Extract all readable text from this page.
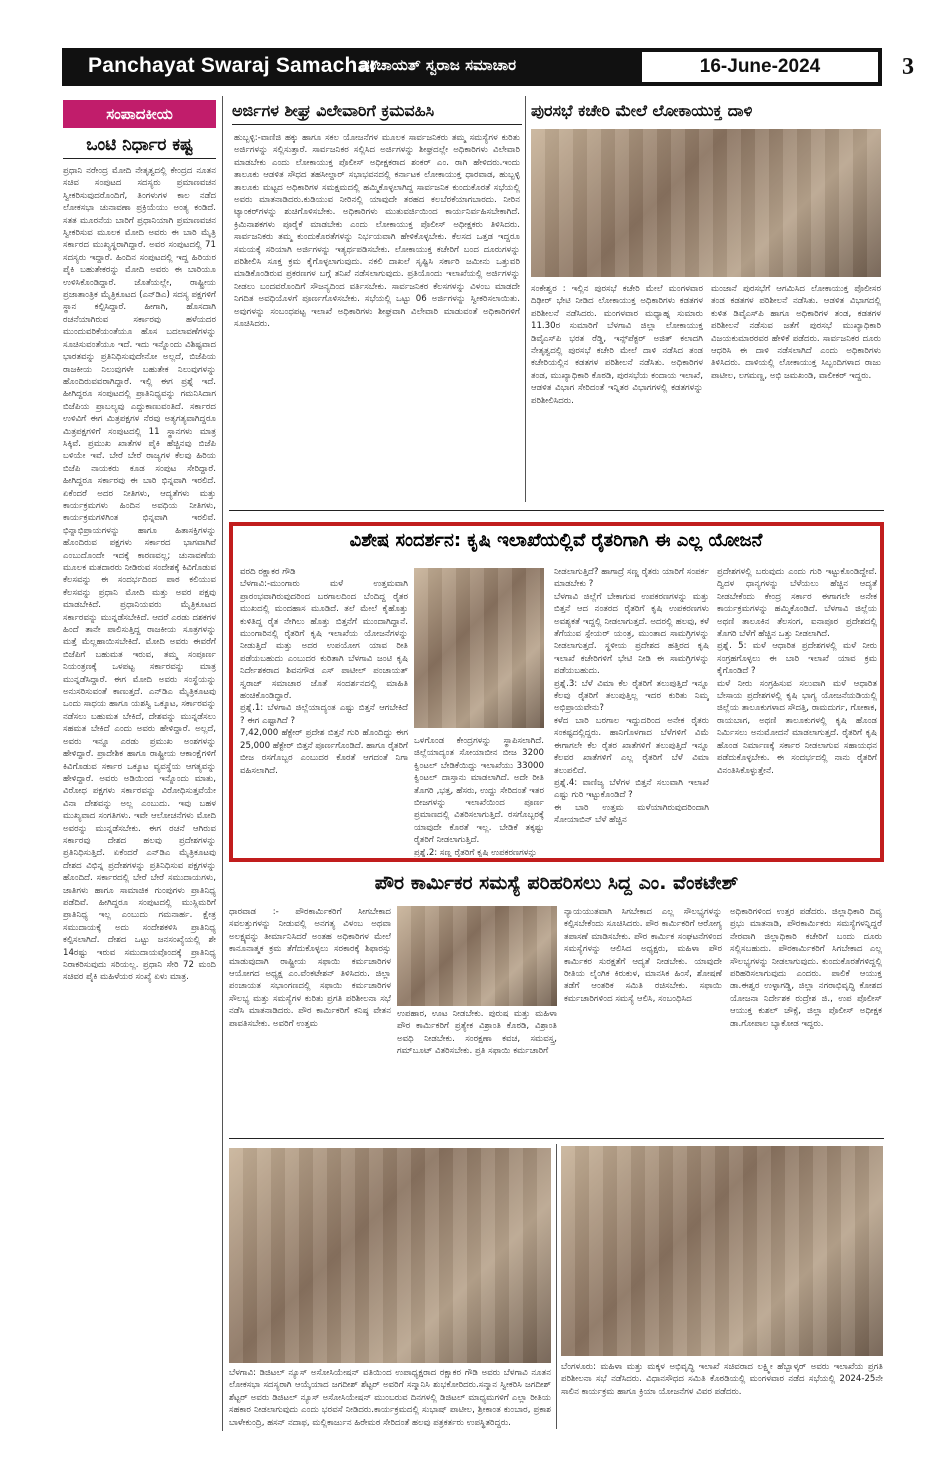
Panchayat Swaraj Samachar
ಪಂಚಾಯತ್ ಸ್ವರಾಜ ಸಮಾಚಾರ	16-June-2024	3
ಸಂಪಾದಕೀಯ
ಒಂಟಿ ನಿರ್ಧಾರ ಕಷ್ಟ
ಪ್ರಧಾನಿ ನರೇಂದ್ರ ಮೋದಿ ನೇತೃತ್ವದಲ್ಲಿ ಕೇಂದ್ರದ ನೂತನ ಸಚಿವ ಸಂಪುಟದ ಸದಸ್ಯರು ಪ್ರಮಾಣವಚನ ಸ್ವೀಕರಿಸುವುದರೊಂದಿಗೆ, ತಿಂಗಳುಗಳ ಕಾಲ ನಡೆದ ಲೋಕಸಭಾ ಚುನಾವಣಾ ಪ್ರಕ್ರಿಯೆಯು ಅಂತ್ಯ ಕಂಡಿದೆ. ಸತತ ಮೂರನೆಯ ಬಾರಿಗೆ ಪ್ರಧಾನಿಯಾಗಿ ಪ್ರಮಾಣವಚನ ಸ್ವೀಕರಿಸುವ ಮೂಲಕ ಮೋದಿ ಅವರು ಈ ಬಾರಿ ಮೈತ್ರಿ ಸರ್ಕಾರದ ಮುಖ್ಯಸ್ಥರಾಗಿದ್ದಾರೆ. ಅವರ ಸಂಪುಟದಲ್ಲಿ 71 ಸದಸ್ಯರು ಇದ್ದಾರೆ. ಹಿಂದಿನ ಸಂಪುಟದಲ್ಲಿ ಇದ್ದ ಹಿರಿಯರ ಪೈಕಿ ಬಹುತೇಕರನ್ನು ಮೋದಿ ಅವರು ಈ ಬಾರಿಯೂ ಉಳಿಸಿಕೊಂಡಿದ್ದಾರೆ. ಜೊತೆಯಲ್ಲೇ, ರಾಷ್ಟ್ರೀಯ ಪ್ರಜಾತಾಂತ್ರಿಕ ಮೈತ್ರಿಕೂಟದ (ಎನ್‌ಡಿಎ) ಸದಸ್ಯ ಪಕ್ಷಗಳಿಗೆ ಸ್ಥಾನ ಕಲ್ಪಿಸಿದ್ದಾರೆ. ಹೀಗಾಗಿ, ಹೊಸದಾಗಿ ರಚನೆಯಾಗಿರುವ ಸರ್ಕಾರವು ಹಳೆಯದರ ಮುಂದುವರಿಕೆಯಂತೆಯೂ ಹೊಸ ಬದಲಾವಣೆಗಳನ್ನು ಸೂಚಿಸುವಂತೆಯೂ ಇದೆ. ಇದು ಇನ್ನೊಂದು ವಿಶಿಷ್ಟವಾದ ಭಾರತವನ್ನು ಪ್ರತಿನಿಧಿಸುವುದೇನೋ ಅಲ್ಲದೆ, ಬಿಜೆಪಿಯ ರಾಜಕೀಯ ನಿಲುವುಗಳೇ ಬಹುತೇಕ ನಿಲುವುಗಳನ್ನು ಹೊಂದಿರುವವರಾಗಿದ್ದಾರೆ. ಇಲ್ಲಿ ಈಗ ಪ್ರಶ್ನೆ ಇದೆ. ಹೀಗಿದ್ದರೂ ಸಂಪುಟದಲ್ಲಿ ಪ್ರಾತಿನಿಧ್ಯವನ್ನು ಗಮನಿಸಿದಾಗ ಬಿಜೆಪಿಯ ಪ್ರಾಬಲ್ಯವು ಎದ್ದುಕಾಣುವಂತಿದೆ. ಸರ್ಕಾರದ ಉಳಿವಿಗೆ ಈಗ ಮಿತ್ರಪಕ್ಷಗಳ ನೆರವು ಅತ್ಯಗತ್ಯವಾಗಿದ್ದರೂ ಮಿತ್ರಪಕ್ಷಗಳಿಗೆ ಸಂಪುಟದಲ್ಲಿ 11 ಸ್ಥಾನಗಳು ಮಾತ್ರ ಸಿಕ್ಕಿವೆ. ಪ್ರಮುಖ ಖಾತೆಗಳ ಪೈಕಿ ಹೆಚ್ಚಿನವು ಬಿಜೆಪಿ ಬಳಿಯೇ ಇವೆ. ಬೇರೆ ಬೇರೆ ರಾಜ್ಯಗಳ ಕೆಲವು ಹಿರಿಯ ಬಿಜೆಪಿ ನಾಯಕರು ಕೂಡ ಸಂಪುಟ ಸೇರಿದ್ದಾರೆ. ಹೀಗಿದ್ದರೂ ಸರ್ಕಾರವು ಈ ಬಾರಿ ಭಿನ್ನವಾಗಿ ಇರಲಿದೆ. ಏಕೆಂದರೆ ಅದರ ನೀತಿಗಳು, ಆದ್ಯತೆಗಳು ಮತ್ತು ಕಾರ್ಯಕ್ರಮಗಳು ಹಿಂದಿನ ಅವಧಿಯ ನೀತಿಗಳು, ಕಾರ್ಯಕ್ರಮಗಳಿಗಿಂತ ಭಿನ್ನವಾಗಿ ಇರಲಿವೆ. ಭಿನ್ನಾಭಿಪ್ರಾಯಗಳನ್ನು ಹಾಗೂ ಹಿತಾಸಕ್ತಿಗಳನ್ನು ಹೊಂದಿರುವ ಪಕ್ಷಗಳು ಸರ್ಕಾರದ ಭಾಗವಾಗಿವೆ ಎಂಬುದೊಂದೇ ಇದಕ್ಕೆ ಕಾರಣವಲ್ಲ; ಚುನಾವಣೆಯ ಮೂಲಕ ಮತದಾರರು ನೀಡಿರುವ ಸಂದೇಶಕ್ಕೆ ಕಿವಿಗೊಡುವ ಕೆಲಸವನ್ನು ಈ ಸಂದರ್ಭದಿಂದ ಪಾಠ ಕಲಿಯುವ ಕೆಲಸವನ್ನು ಪ್ರಧಾನಿ ಮೋದಿ ಮತ್ತು ಅವರ ಪಕ್ಷವು ಮಾಡಬೇಕಿದೆ. ಪ್ರಧಾನಿಯವರು ಮೈತ್ರಿಕೂಟದ ಸರ್ಕಾರವನ್ನು ಮುನ್ನಡೆಸಬೇಕಿದೆ. ಆದರೆ ಎರಡು ದಶಕಗಳ ಹಿಂದೆ ತಾನೇ ಪಾಲಿಸುತ್ತಿದ್ದ ರಾಜಕೀಯ ಸೂತ್ರಗಳನ್ನು ಮತ್ತೆ ಮೆಲ್ಲಹಾಯಿಸಬೇಕಿದೆ. ಮೋದಿ ಅವರು ಈವರೆಗೆ ಬಿಜೆಪಿಗೆ ಬಹುಮತ ಇರುವ, ತಮ್ಮ ಸಂಪೂರ್ಣ ನಿಯಂತ್ರಣಕ್ಕೆ ಒಳಪಟ್ಟ ಸರ್ಕಾರವನ್ನು ಮಾತ್ರ ಮುನ್ನಡೆಸಿದ್ದಾರೆ. ಈಗ ಮೋದಿ ಅವರು ಸಂಸ್ಥೆಯನ್ನು ಅನುಸರಿಸುವಂತೆ ಕಾಣುತ್ತದೆ. ಎನ್‌ಡಿಎ ಮೈತ್ರಿಕೂಟವು ಒಂದು ಸಾಧಯ ಹಾಗೂ ಯಶಸ್ವಿ ಒಕ್ಕೂಟ, ಸರ್ಕಾರವನ್ನು ನಡೆಸಲು ಬಹುಮತ ಬೇಕಿದೆ, ದೇಶವನ್ನು ಮುನ್ನಡೆಸಲು ಸಹಮತ ಬೇಕಿದೆ ಎಂದು ಅವರು ಹೇಳಿದ್ದಾರೆ. ಅಲ್ಲದೆ, ಅವರು ಇನ್ನೂ ಎರಡು ಪ್ರಮುಖ ಅಂಶಗಳನ್ನು ಹೇಳಿದ್ದಾರೆ. ಪ್ರಾದೇಶಿಕ ಹಾಗೂ ರಾಷ್ಟ್ರೀಯ ಆಕಾಂಕ್ಷೆಗಳಿಗೆ ಕಿವಿಗೊಡುವ ಸರ್ಕಾರ ಒಕ್ಕೂಟ ವ್ಯವಸ್ಥೆಯ ಆಗತ್ಯವನ್ನು ಹೇಳಿದ್ದಾರೆ. ಅವರು ಅಡಿಯಿಂದ ಇನ್ನೊಂದು ಮಾತು, ವಿರೋಧ ಪಕ್ಷಗಳು ಸರ್ಕಾರವನ್ನು ವಿರೋಧಿಸುತ್ತವೆಯೇ ವಿನಾ ದೇಶವನ್ನು ಅಲ್ಲ ಎಂಬುದು. ಇವು ಬಹಳ ಮುಖ್ಯವಾದ ಸಂಗತಿಗಳು. ಇವೇ ಆಲೋಚನೆಗಳು ಮೋದಿ ಅವರನ್ನು ಮುನ್ನಡೆಸಬೇಕು. ಈಗ ರಚನೆ ಆಗಿರುವ ಸರ್ಕಾರವು ದೇಶದ ಹಲವು ಪ್ರದೇಶಗಳನ್ನು ಪ್ರತಿನಿಧಿಸುತ್ತಿದೆ. ಏಕೆಂದರೆ ಎನ್‌ಡಿಎ ಮೈತ್ರಿಕೂಟವು ದೇಶದ ವಿಭಿನ್ನ ಪ್ರದೇಶಗಳನ್ನು ಪ್ರತಿನಿಧಿಸುವ ಪಕ್ಷಗಳನ್ನು ಹೊಂದಿದೆ. ಸರ್ಕಾರದಲ್ಲಿ ಬೇರೆ ಬೇರೆ ಸಮುದಾಯಗಳು, ಜಾತಿಗಳು ಹಾಗೂ ಸಾಮಾಜಿಕ ಗುಂಪುಗಳು ಪ್ರಾತಿನಿಧ್ಯ ಪಡೆದಿವೆ. ಹೀಗಿದ್ದರೂ ಸಂಪುಟದಲ್ಲಿ ಮುಸ್ಲಿಮರಿಗೆ ಪ್ರಾತಿನಿಧ್ಯ ಇಲ್ಲ ಎಂಬುದು ಗಮನಾರ್ಹ. ಕ್ಷೇತ್ರ ಸಮುದಾಯಕ್ಕೆ ಅದು ಸಂದೇಶಕಳಿಸಿ ಪ್ರಾತಿನಿಧ್ಯ ಕಲ್ಪಿಸಲಾಗಿದೆ. ದೇಶದ ಒಟ್ಟು ಜನಸಂಖ್ಯೆಯಲ್ಲಿ ಶೇ 14ರಷ್ಟು ಇರುವ ಸಮುದಾಯವೊಂದಕ್ಕೆ ಪ್ರಾತಿನಿಧ್ಯ ನಿರಾಕರಿಸುವುದು ಸರಿಯಲ್ಲ. ಪ್ರಧಾನಿ ಸೇರಿ 72 ಮಂದಿ ಸಚಿವರ ಪೈಕಿ ಮಹಿಳೆಯರ ಸಂಖ್ಯೆ ಏಳು ಮಾತ್ರ.
ಅರ್ಜಿಗಳ ಶೀಘ್ರ ವಿಲೇವಾರಿಗೆ ಕ್ರಮವಹಿಸಿ
ಹುಬ್ಬಳ್ಳಿ:-ವಾಣಿಜಿ ಹಕ್ಕು ಹಾಗೂ ಸಕಲ ಯೋಜನೆಗಳ ಮೂಲಕ ಸಾರ್ವಜನಿಕರು ತಮ್ಮ ಸಮಸ್ಯೆಗಳ ಕುರಿತು ಅರ್ಜಿಗಳನ್ನು ಸಲ್ಲಿಸುತ್ತಾರೆ. ಸಾರ್ವಜನಿಕರ ಸಲ್ಲಿಸಿದ ಅರ್ಜಿಗಳನ್ನು ಶೀಘ್ರದಲ್ಲೇ ಅಧಿಕಾರಿಗಳು ವಿಲೇವಾರಿ ಮಾಡಬೇಕು ಎಂದು ಲೋಕಾಯುಕ್ತ ಪೊಲೀಸ್ ಅಧೀಕ್ಷಕರಾದ ಶಂಕರ್ ಎಂ. ರಾಗಿ ಹೇಳಿದರು.ಇಂದು ತಾಲೂಕು ಆಡಳಿತ ಸೌಧದ ತಹಸೀಲ್ದಾರ್ ಸಭಾಭವನದಲ್ಲಿ ಕರ್ನಾಟಕ ಲೋಕಾಯುಕ್ತ ಧಾರವಾಡ, ಹುಬ್ಬಳ್ಳಿ ತಾಲೂಕು ಮಟ್ಟದ ಅಧಿಕಾರಿಗಳ ಸಮಕ್ಷಮದಲ್ಲಿ ಹಮ್ಮಿಕೊಳ್ಳಲಾಗಿದ್ದ ಸಾರ್ವಜನಿಕ ಕುಂದುಕೊರತೆ ಸಭೆಯಲ್ಲಿ ಅವರು ಮಾತನಾಡಿದರು.ಕುಡಿಯುವ ನೀರಿನಲ್ಲಿ ಯಾವುದೇ ತರಹದ ಕಲಬೆರಕೆಯಾಗಬಾರದು. ನೀರಿನ ಟ್ಯಾಂಕರ್‌ಗಳನ್ನು ಶುಚಿಗೊಳಿಸಬೇಕು. ಅಧಿಕಾರಿಗಳು ಮುತುವರ್ಜಿಯಿಂದ ಕಾರ್ಯನಿರ್ವಹಿಸಬೇಕಾಗಿದೆ. ಕ್ರಿಮಿನಾಶಕಗಳು ಪೂರೈಕೆ ಮಾಡಬೇಕು ಎಂದು ಲೋಕಾಯುಕ್ತ ಪೊಲೀಸ್ ಅಧೀಕ್ಷಕರು ತಿಳಿಸಿದರು. ಸಾರ್ವಜನಿಕರು ತಮ್ಮ ಕುಂದುಕೊರತೆಗಳನ್ನು ನಿರ್ಭಯವಾಗಿ ಹೇಳಿಕೊಳ್ಳಬೇಕು. ಕೆಲಸದ ಒತ್ತಡ ಇದ್ದರೂ ಸಮಯಕ್ಕೆ ಸರಿಯಾಗಿ ಅರ್ಜಿಗಳನ್ನು ಇತ್ಯರ್ಥಪಡಿಸಬೇಕು. ಲೋಕಾಯುಕ್ತ ಕಚೇರಿಗೆ ಬಂದ ದೂರುಗಳನ್ನು ಪರಿಶೀಲಿಸಿ ಸೂಕ್ತ ಕ್ರಮ ಕೈಗೊಳ್ಳಲಾಗುವುದು. ನಕಲಿ ದಾಖಲೆ ಸೃಷ್ಟಿಸಿ ಸರ್ಕಾರಿ ಜಮೀನು ಒತ್ತುವರಿ ಮಾಡಿಕೊಂಡಿರುವ ಪ್ರಕರಣಗಳ ಬಗ್ಗೆ ತನಿಖೆ ನಡೆಸಲಾಗುವುದು. ಪ್ರತಿಯೊಂದು ಇಲಾಖೆಯಲ್ಲಿ ಅರ್ಜಿಗಳನ್ನು ನೀಡಲು ಬಂದವರೊಂದಿಗೆ ಸೌಜನ್ಯದಿಂದ ವರ್ತಿಸಬೇಕು. ಸಾರ್ವಜನಿಕರ ಕೆಲಸಗಳನ್ನು ವಿಳಂಬ ಮಾಡದೇ ನಿಗದಿತ ಅವಧಿಯೊಳಗೆ ಪೂರ್ಣಗೊಳಿಸಬೇಕು. ಸಭೆಯಲ್ಲಿ ಒಟ್ಟು 06 ಅರ್ಜಿಗಳನ್ನು ಸ್ವೀಕರಿಸಲಾಯಿತು. ಅವುಗಳನ್ನು ಸಂಬಂಧಪಟ್ಟ ಇಲಾಖೆ ಅಧಿಕಾರಿಗಳು ಶೀಘ್ರವಾಗಿ ವಿಲೇವಾರಿ ಮಾಡುವಂತೆ ಅಧಿಕಾರಿಗಳಿಗೆ ಸೂಚಿಸಿದರು.
ಪುರಸಭೆ ಕಚೇರಿ ಮೇಲೆ ಲೋಕಾಯುಕ್ತ ದಾಳಿ
ಸಂಕೇಶ್ವರ : ಇಲ್ಲಿನ ಪುರಸಭೆ ಕಚೇರಿ ಮೇಲೆ ಮಂಗಳವಾರ ದಿಢೀರ್ ಭೇಟಿ ನೀಡಿದ ಲೋಕಾಯುಕ್ತ ಅಧಿಕಾರಿಗಳು ಕಡತಗಳ ಪರಿಶೀಲನೆ ನಡೆಸಿದರು. ಮಂಗಳವಾರ ಮಧ್ಯಾಹ್ನ ಸುಮಾರು 11.30ರ ಸುಮಾರಿಗೆ ಬೆಳಗಾವಿ ಜಿಲ್ಲಾ ಲೋಕಾಯುಕ್ತ ಡಿವೈಎಸ್‌ಪಿ ಭರತ ರೆಡ್ಡಿ, ಇನ್ಸ್‌ಪೆಕ್ಟರ್ ಅಜಿತ್ ಕಲಾದಗಿ ನೇತೃತ್ವದಲ್ಲಿ ಪುರಸಭೆ ಕಚೇರಿ ಮೇಲೆ ದಾಳಿ ನಡೆಸಿದ ತಂಡ ಕಚೇರಿಯಲ್ಲಿನ ಕಡತಗಳ ಪರಿಶೀಲನೆ ನಡೆಸಿತು. ಅಧಿಕಾರಿಗಳ ತಂಡ, ಮುಖ್ಯಾಧಿಕಾರಿ ಕೊಠಡಿ, ಪುರಸಭೆಯ ಕಂದಾಯ ಇಲಾಖೆ, ಆಡಳಿತ ವಿಭಾಗ ಸೇರಿದಂತೆ ಇನ್ನಿತರ ವಿಭಾಗಗಳಲ್ಲಿ ಕಡತಗಳನ್ನು ಪರಿಶೀಲಿಸಿದರು.
ಮಂಜಾನೆ ಪುರಸಭೆಗೆ ಆಗಮಿಸಿದ ಲೋಕಾಯುಕ್ತ ಪೊಲೀಸರ ತಂಡ ಕಡತಗಳ ಪರಿಶೀಲನೆ ನಡೆಸಿತು. ಆಡಳಿತ ವಿಭಾಗದಲ್ಲಿ ಕುಳಿತ ಡಿವೈಎಸ್‌ಪಿ ಹಾಗೂ ಅಧಿಕಾರಿಗಳ ತಂಡ, ಕಡತಗಳ ಪರಿಶೀಲನೆ ನಡೆಸುವ ಜತೆಗೆ ಪುರಸಭೆ ಮುಖ್ಯಾಧಿಕಾರಿ ವಿಜಯಕುಮಾರರವರ ಹೇಳಿಕೆ ಪಡೆದರು. ಸಾರ್ವಜನಿಕರ ದೂರು ಆಧರಿಸಿ ಈ ದಾಳಿ ನಡೆಸಲಾಗಿದೆ ಎಂದು ಅಧಿಕಾರಿಗಳು ತಿಳಿಸಿದರು. ದಾಳಿಯಲ್ಲಿ ಲೋಕಾಯುಕ್ತ ಸಿಬ್ಬಂದಿಗಳಾದ ರಾಜು ಪಾಟೀಲ, ಲಗಮಣ್ಣ, ಅಭಿ ಜಮಖಂಡಿ, ವಾಲೀಕರ್ ಇದ್ದರು.
ವಿಶೇಷ ಸಂದರ್ಶನ: ಕೃಷಿ ಇಲಾಖೆಯಲ್ಲಿವೆ ರೈತರಿಗಾಗಿ ಈ ಎಲ್ಲ ಯೋಜನೆ
ವರದಿ ರಕ್ಷಾಕರ ಗೌಡಿ
ಬೆಳಗಾವಿ:-ಮುಂಗಾರು ಮಳೆ ಉತ್ತಮವಾಗಿ ಪ್ರಾರಂಭವಾಗಿರುವುದರಿಂದ ಬರಗಾಲದಿಂದ ಬೆಂದಿದ್ದ ರೈತರ ಮುಖದಲ್ಲಿ ಮಂದಹಾಸ ಮೂಡಿದೆ. ತಲೆ ಮೇಲೆ ಕೈಹೊತ್ತು ಕುಳಿತಿದ್ದ ರೈತ ನೇಗಿಲು ಹೊತ್ತು ಬಿತ್ತನೆಗೆ ಮುಂದಾಗಿದ್ದಾನೆ. ಮುಂಗಾರಿನಲ್ಲಿ ರೈತರಿಗೆ ಕೃಷಿ ಇಲಾಖೆಯ ಯೋಜನೆಗಳನ್ನು ನೀಡುತ್ತಿದೆ ಮತ್ತು ಅದರ ಉಪಯೋಗ ಯಾವ ರೀತಿ ಪಡೆಯಬಹುದು ಎಂಬುದರ ಕುರಿತಾಗಿ ಬೆಳಗಾವಿ ಜಂಟಿ ಕೃಷಿ ನಿರ್ದೇಶಕರಾದ ಶಿವನಗೌಡ ಎಸ್ ಪಾಟೀಲ್ ಪಂಚಾಯತ್ ಸ್ವರಾಜ್ ಸಮಾಚಾರ ಜೊತೆ ಸಂದರ್ಶನದಲ್ಲಿ ಮಾಹಿತಿ ಹಂಚಿಕೊಂಡಿದ್ದಾರೆ.
ಪ್ರಶ್ನೆ.1: ಬೆಳಗಾವಿ ಜಿಲ್ಲೆಯಾದ್ಯಂತ ಎಷ್ಟು ಬಿತ್ತನೆ ಆಗಬೇಕಿದೆ ? ಈಗ ಎಷ್ಟಾಗಿದೆ ?
7,42,000 ಹೆಕ್ಟೇರ್ ಪ್ರದೇಶ ಬಿತ್ತನೆ ಗುರಿ ಹೊಂದಿದ್ದು ಈಗ 25,000 ಹೆಕ್ಟೇರ್ ಬಿತ್ತನೆ ಪೂರ್ಣಗೊಂಡಿದೆ. ಹಾಗೂ ರೈತರಿಗೆ ಬೀಜ ರಸಗೊಬ್ಬರ ಎಂಬುದರ ಕೊರತೆ ಆಗದಂತೆ ನಿಗಾ ವಹಿಸಲಾಗಿದೆ.
ಒಳಗೊಂಡ ಕೇಂದ್ರಗಳನ್ನು ಸ್ಥಾಪಿಸಲಾಗಿದೆ. ಜಿಲ್ಲೆಯಾದ್ಯಂತ ಸೋಯಾಬೀನ ಬೀಜ 3200 ಕ್ವಿಂಟಲ್ ಬೇಡಿಕೆಯಿದ್ದು ಇಲಾಖೆಯು 33000 ಕ್ವಿಂಟಲ್ ದಾಸ್ತಾನು ಮಾಡಲಾಗಿದೆ. ಅದೇ ರೀತಿ ತೊಗರಿ ,ಭತ್ತ, ಹೆಸರು, ಉದ್ದು ಸೇರಿದಂತೆ ಇತರ ಬೀಜಗಳನ್ನು ಇಲಾಖೆಯಿಂದ ಪೂರ್ಣ ಪ್ರಮಾಣದಲ್ಲಿ ವಿತರಿಸಲಾಗುತ್ತಿದೆ. ರಸಗೊಬ್ಬರಕ್ಕೆ ಯಾವುದೇ ಕೊರತೆ ಇಲ್ಲ. ಬೇಡಿಕೆ ತಕ್ಕಷ್ಟು ರೈತರಿಗೆ ನೀಡಲಾಗುತ್ತಿದೆ.
ಪ್ರಶ್ನೆ.2: ಸಣ್ಣ ರೈತರಿಗೆ ಕೃಷಿ ಉಪಕರಣಗಳನ್ನು
ನೀಡಲಾಗುತ್ತಿದೆ? ಹಾಗಾದ್ರೆ ಸಣ್ಣ ರೈತರು ಯಾರಿಗೆ ಸಂಪರ್ಕ ಮಾಡಬೇಕು ?
ಬೆಳಗಾವಿ ಜಿಲ್ಲೆಗೆ ಬೇಕಾಗುವ ಉಪಕರಣಗಳನ್ನು ಮತ್ತು ಬಿತ್ತನೆ ಆದ ನಂತರದ ರೈತರಿಗೆ ಕೃಷಿ ಉಪಕರಣಗಳು ಅವಶ್ಯಕತೆ ಇದ್ದಲ್ಲಿ ನೀಡಲಾಗುತ್ತದೆ. ಅದರಲ್ಲಿ ಹಲವು, ಕಳೆ ತೆಗೆಯುವ ಸ್ಪೇಯರ್ ಯಂತ್ರ, ಮುಂತಾದ ಸಾಮಗ್ರಿಗಳನ್ನು ನೀಡಲಾಗುತ್ತದೆ. ಸ್ಥಳೀಯ ಪ್ರದೇಶದ ಹತ್ತಿರದ ಕೃಷಿ ಇಲಾಖೆ ಕಚೇರಿಗಳಿಗೆ ಭೇಟಿ ನೀಡಿ ಈ ಸಾಮಗ್ರಿಗಳನ್ನು ಪಡೆಯಬಹುದು.
ಪ್ರಶ್ನೆ.3: ಬೆಳೆ ವಿಮಾ ಕೆಲ ರೈತರಿಗೆ ತಲುಪುತ್ತಿದೆ ಇನ್ನೂ ಕೆಲವು ರೈತರಿಗೆ ತಲುಪುತ್ತಿಲ್ಲ ಇದರ ಕುರಿತು ನಿಮ್ಮ ಅಭಿಪ್ರಾಯವೇನು?
ಕಳೆದ ಬಾರಿ ಬರಗಾಲ ಇದ್ದುದರಿಂದ ಅನೇಕ ರೈತರು ಸಂಕಷ್ಟದಲ್ಲಿದ್ದರು. ಹಾನಿಗೊಳಗಾದ ಬೆಳೆಗಳಿಗೆ ವಿಮೆ ಈಗಾಗಲೇ ಕೆಲ ರೈತರ ಖಾತೆಗಳಿಗೆ ತಲುಪುತ್ತಿದೆ ಇನ್ನೂ ಕೆಲವರ ಖಾತೆಗಳಿಗೆ ಎಲ್ಲ ರೈತರಿಗೆ ಬೆಳೆ ವಿಮಾ ತಲುಪಲಿದೆ.
ಪ್ರಶ್ನೆ.4: ವಾಣಿಜ್ಯ ಬೆಳೆಗಳ ಬಿತ್ತನೆ ಸಲುವಾಗಿ ಇಲಾಖೆ ಎಷ್ಟು ಗುರಿ ಇಟ್ಟುಕೊಂಡಿದೆ ?
ಈ ಬಾರಿ ಉತ್ತಮ ಮಳೆಯಾಗಿರುವುದರಿಂದಾಗಿ ಸೋಯಾಬಿನ್ ಬೆಳೆ ಹೆಚ್ಚಿನ
ಪ್ರದೇಶಗಳಲ್ಲಿ ಬರುವುದು ಎಂದು ಗುರಿ ಇಟ್ಟುಕೊಂಡಿದ್ದೇವೆ. ದ್ವಿದಳ ಧಾನ್ಯಗಳನ್ನು ಬೆಳೆಯಲು ಹೆಚ್ಚಿನ ಆದ್ಯತೆ ನೀಡಬೇಕೆಂದು ಕೇಂದ್ರ ಸರ್ಕಾರ ಈಗಾಗಲೇ ಅನೇಕ ಕಾರ್ಯಕ್ರಮಗಳನ್ನು ಹಮ್ಮಿಕೊಂಡಿದೆ. ಬೆಳಗಾವಿ ಜಿಲ್ಲೆಯ ಅಥಣಿ ತಾಲೂಕಿನ ತೆಲಸಂಗ, ಐನಾಪೂರ ಪ್ರದೇಶದಲ್ಲಿ ತೊಗರಿ ಬೆಳೆಗೆ ಹೆಚ್ಚಿನ ಒತ್ತು ನೀಡಲಾಗಿದೆ.
ಪ್ರಶ್ನೆ. 5: ಮಳೆ ಆಧಾರಿತ ಪ್ರದೇಶಗಳಲ್ಲಿ ಮಳೆ ನೀರು ಸಂಗ್ರಹಗೊಳ್ಳಲು ಈ ಬಾರಿ ಇಲಾಖೆ ಯಾವ ಕ್ರಮ ಕೈಗೊಂಡಿದೆ ?
ಮಳೆ ನೀರು ಸಂಗ್ರಹಿಸುವ ಸಲುವಾಗಿ ಮಳೆ ಆಧಾರಿತ ಬೇಸಾಯ ಪ್ರದೇಶಗಳಲ್ಲಿ ಕೃಷಿ ಭಾಗ್ಯ ಯೋಜನೆಯಡಿಯಲ್ಲಿ ಜಿಲ್ಲೆಯ ತಾಲೂಕುಗಳಾದ ಸೌದತ್ತಿ, ರಾಮದುರ್ಗ, ಗೋಕಾಕ, ರಾಯಬಾಗ, ಅಥಣಿ ತಾಲೂಕುಗಳಲ್ಲಿ ಕೃಷಿ ಹೊಂಡ ನಿರ್ಮಿಸಲು ಅನುಮೋದನೆ ಮಾಡಲಾಗುತ್ತದೆ. ರೈತರಿಗೆ ಕೃಷಿ ಹೊಂಡ ನಿರ್ಮಾಣಕ್ಕೆ ಸರ್ಕಾರ ನೀಡಲಾಗುವ ಸಹಾಯಧನ ಪಡೆದುಕೊಳ್ಳಬೇಕು. ಈ ಸಂದರ್ಭದಲ್ಲಿ ನಾನು ರೈತರಿಗೆ ವಿನಂತಿಸಿಕೊಳ್ಳುತ್ತೇನೆ.
ಪೌರ ಕಾರ್ಮಿಕರ ಸಮಸ್ಯೆ ಪರಿಹರಿಸಲು ಸಿದ್ದ ಎಂ. ವೆಂಕಟೇಶ್
ಧಾರವಾಡ :- ಪೌರಕಾರ್ಮಿಕರಿಗೆ ಸೀಗಬೇಕಾದ ಸವಲತ್ತುಗಳನ್ನು ನೀಡುವಲ್ಲಿ ಅನಗತ್ಯ ವಿಳಂಬ ಅಥವಾ ಅಲಕ್ಷ್ಯವನ್ನು ತೀರ್ಮಾನಿಸಿದರೆ ಅಂತಹ ಅಧಿಕಾರಿಗಳ ಮೇಲೆ ಕಾನೂನಾತ್ಮಕ ಕ್ರಮ ತೆಗೆದುಕೊಳ್ಳಲು ಸರಕಾರಕ್ಕೆ ಶಿಫಾರಸ್ಸು ಮಾಡುವುದಾಗಿ ರಾಷ್ಟ್ರೀಯ ಸಫಾಯಿ ಕರ್ಮಚಾರಿಗಳ ಆಯೋಗದ ಅಧ್ಯಕ್ಷ ಎಂ.ವೆಂಕಟೇಶನ್ ತಿಳಿಸಿದರು. ಜಿಲ್ಲಾ ಪಂಚಾಯತ ಸಭಾಂಗಣದಲ್ಲಿ ಸಫಾಯಿ ಕರ್ಮಚಾರಿಗಳ ಸೌಲಭ್ಯ ಮತ್ತು ಸಮಸ್ಯೆಗಳ ಕುರಿತು ಪ್ರಗತಿ ಪರಿಶೀಲನಾ ಸಭೆ ನಡೆಸಿ ಮಾತನಾಡಿದರು. ಪೌರ ಕಾರ್ಮಿಕರಿಗೆ ಕನಿಷ್ಠ ವೇತನ ಪಾವತಿಸಬೇಕು. ಅವರಿಗೆ ಉತ್ತಮ
ಉಪಹಾರ, ಊಟ ನೀಡಬೇಕು. ಪುರುಷ ಮತ್ತು ಮಹಿಳಾ ಪೌರ ಕಾರ್ಮಿಕರಿಗೆ ಪ್ರತ್ಯೇಕ ವಿಶ್ರಾಂತಿ ಕೊಠಡಿ, ವಿಶ್ರಾಂತಿ ಅವಧಿ ನೀಡಬೇಕು. ಸಂರಕ್ಷಣಾ ಕವಚ, ಸಮವಸ್ತ್ರ, ಗಮ್‌ಬೂಟ್ ವಿತರಿಸಬೇಕು. ಪ್ರತಿ ಸಫಾಯಿ ಕರ್ಮಚಾರಿಗೆ
ನ್ಯಾಯಯುತವಾಗಿ ಸಿಗಬೇಕಾದ ಎಲ್ಲ ಸೌಲಭ್ಯಗಳನ್ನು ಕಲ್ಪಿಸಬೇಕೆಂದು ಸೂಚಿಸಿದರು. ಪೌರ ಕಾರ್ಮಿಕರಿಗೆ ಆರೋಗ್ಯ ತಪಾಸಣೆ ಮಾಡಿಸಬೇಕು. ಪೌರ ಕಾರ್ಮಿಕ ಸಂಘಟನೆಗಳಿಂದ ಸಮಸ್ಯೆಗಳನ್ನು ಆಲಿಸಿದ ಅಧ್ಯಕ್ಷರು, ಮಹಿಳಾ ಪೌರ ಕಾರ್ಮಿಕರ ಸುರಕ್ಷತೆಗೆ ಆದ್ಯತೆ ನೀಡಬೇಕು. ಯಾವುದೇ ರೀತಿಯ ಲೈಂಗಿಕ ಕಿರುಕುಳ, ಮಾನಸಿಕ ಹಿಂಸೆ, ಶೋಷಣೆ ತಡೆಗೆ ಆಂತರಿಕ ಸಮಿತಿ ರಚಿಸಬೇಕು. ಸಫಾಯಿ ಕರ್ಮಚಾರಿಗಳಿಂದ ಸಮಸ್ಯೆ ಆಲಿಸಿ, ಸಂಬಂಧಿಸಿದ
ಅಧಿಕಾರಿಗಳಿಂದ ಉತ್ತರ ಪಡೆದರು. ಜಿಲ್ಲಾಧಿಕಾರಿ ದಿವ್ಯ ಪ್ರಭು ಮಾತನಾಡಿ, ಪೌರಕಾರ್ಮಿಕರು ಸಮಸ್ಯೆಗಳನ್ನಿದ್ದರೆ ನೇರವಾಗಿ ಜಿಲ್ಲಾಧಿಕಾರಿ ಕಚೇರಿಗೆ ಬಂದು ದೂರು ಸಲ್ಲಿಸಬಹುದು. ಪೌರಕಾರ್ಮಿಕರಿಗೆ ಸಿಗಬೇಕಾದ ಎಲ್ಲ ಸೌಲಭ್ಯಗಳನ್ನು ನೀಡಲಾಗುವುದು. ಕುಂದುಕೊರತೆಗಳಿದ್ದಲ್ಲಿ ಪರಿಹರಿಸಲಾಗುವುದು ಎಂದರು. ಪಾಲಿಕೆ ಆಯುಕ್ತ ಡಾ.ಈಶ್ವರ ಉಳ್ಳಾಗಡ್ಡಿ, ಜಿಲ್ಲಾ ನಗರಾಭಿವೃದ್ಧಿ ಕೋಶದ ಯೋಜನಾ ನಿರ್ದೇಶಕ ರುದ್ರೇಶ ಜಿ., ಉಪ ಪೊಲೀಸ್ ಆಯುಕ್ತ ಕುಶಲ್ ಚೌಕ್ಸೆ, ಜಿಲ್ಲಾ ಪೊಲೀಸ್ ಅಧೀಕ್ಷಕ ಡಾ.ಗೋಪಾಲ ಬ್ಯಾಕೋಡ ಇದ್ದರು.
ಬೆಳಗಾವಿ: ಡಿಜಿಟಲ್ ನ್ಯೂಸ್ ಅಸೋಸಿಯೇಷನ್ ವತಿಯಿಂದ ಉಪಾಧ್ಯಕ್ಷರಾದ ರಕ್ಷಾಕರ ಗೌಡಿ ಅವರು ಬೆಳಗಾವಿ ನೂತನ ಲೋಕಸಭಾ ಸದಸ್ಯರಾಗಿ ಆಯ್ಕೆಯಾದ ಜಗದೀಶ್ ಶೆಟ್ಟರ್ ಅವರಿಗೆ ಸನ್ಮಾನಿಸಿ ಶುಭಕೋರಿದರು.ಸನ್ಮಾನ ಸ್ವೀಕರಿಸಿ ಜಗದೀಶ್ ಶೆಟ್ಟರ್ ಅವರು ಡಿಜಿಟಲ್ ನ್ಯೂಸ್ ಅಸೋಸಿಯೇಷನ್ ಮುಂಬರುವ ದಿನಗಳಲ್ಲಿ ಡಿಜಿಟಲ್ ಮಾಧ್ಯಮಗಳಿಗೆ ಎಲ್ಲಾ ರೀತಿಯ ಸಹಕಾರ ನೀಡಲಾಗುವುದು ಎಂದು ಭರವಸೆ ನೀಡಿದರು.ಕಾರ್ಯಕ್ರಮದಲ್ಲಿ ಸುಭಾಷ್ ಪಾಟೀಲ, ಶ್ರೀಕಾಂತ ಕುಂಬಾರ, ಪ್ರಕಾಶ ಬಾಳೇಕುಂದ್ರಿ, ಹಸನ್ ನದಾಫ, ಮಲ್ಲಿಕಾರ್ಜುನ ಹಿರೇಮಠ ಸೇರಿದಂತೆ ಹಲವು ಪತ್ರಕರ್ತರು ಉಪಸ್ಥಿತರಿದ್ದರು.
ಬೆಂಗಳೂರು: ಮಹಿಳಾ ಮತ್ತು ಮಕ್ಕಳ ಅಭಿವೃದ್ಧಿ ಇಲಾಖೆ ಸಚಿವರಾದ ಲಕ್ಷ್ಮೀ ಹೆಬ್ಬಾಳ್ಕರ್ ಅವರು ಇಲಾಖೆಯ ಪ್ರಗತಿ ಪರಿಶೀಲನಾ ಸಭೆ ನಡೆಸಿದರು. ವಿಧಾನಸೌಧದ ಸಮಿತಿ ಕೊಠಡಿಯಲ್ಲಿ ಮಂಗಳವಾರ ನಡೆದ ಸಭೆಯಲ್ಲಿ 2024-25ನೇ ಸಾಲಿನ ಕಾರ್ಯಕ್ರಮ ಹಾಗೂ ಕ್ರಿಯಾ ಯೋಜನೆಗಳ ವಿವರ ಪಡೆದರು.
